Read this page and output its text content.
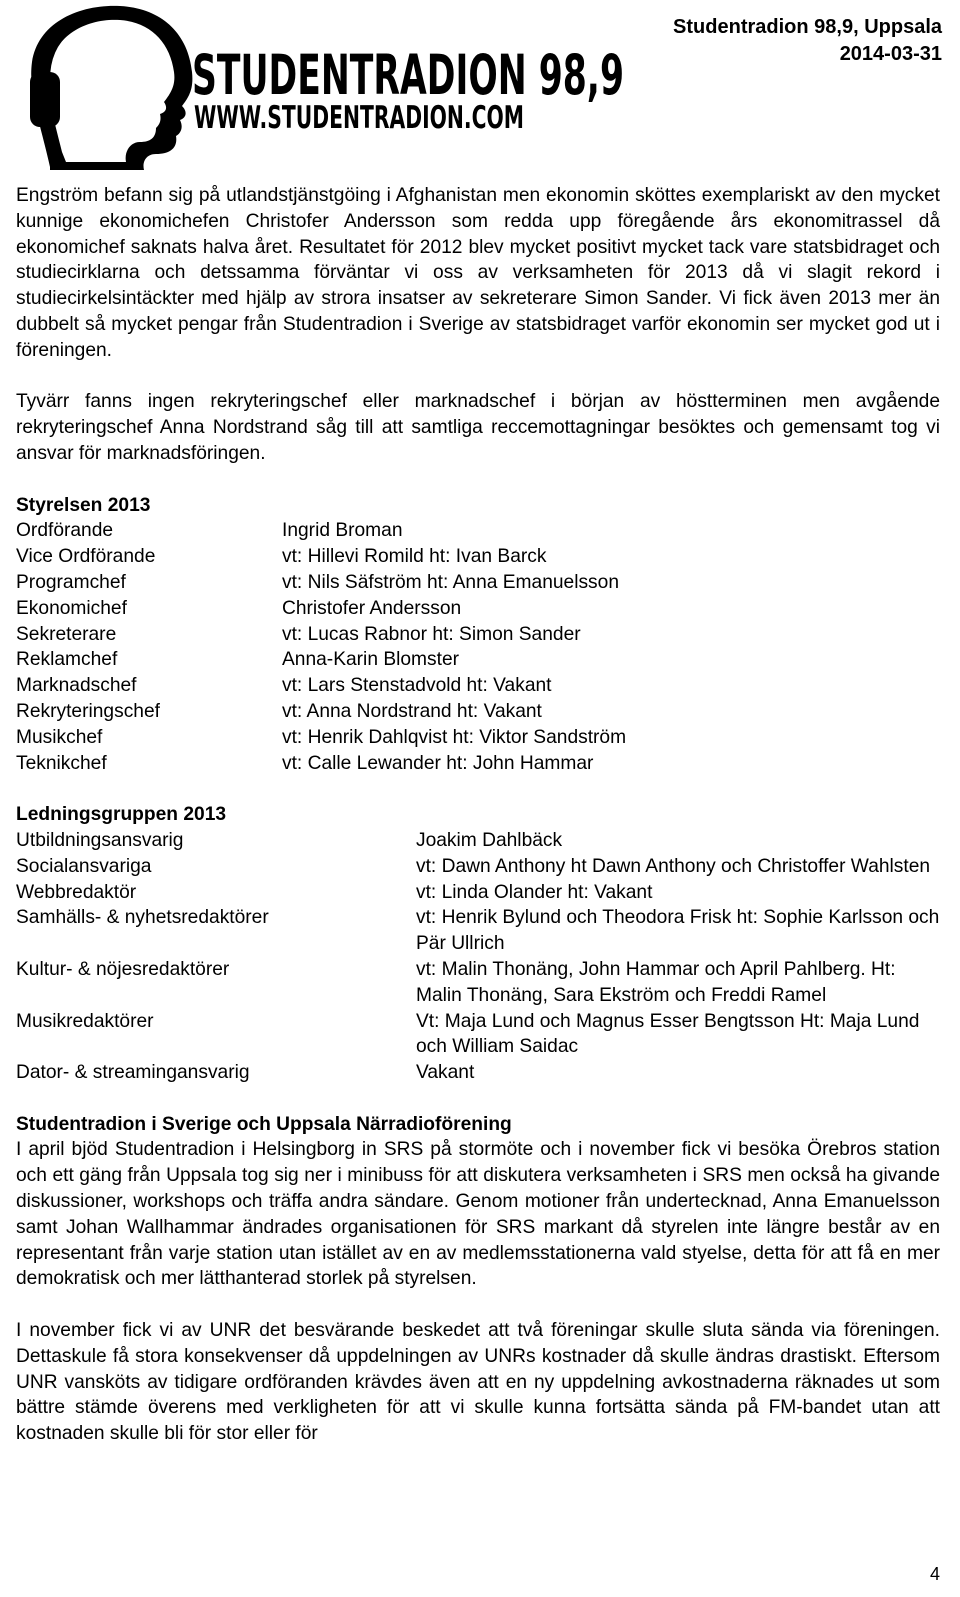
STUDENTRADION 98,9
WWW.STUDENTRADION.COM
Studentradion 98,9, Uppsala
2014-03-31

Engström befann sig på utlandstjänstgöing i Afghanistan men ekonomin sköttes exemplariskt av den mycket kunnige ekonomichefen Christofer Andersson som redda upp föregående års ekonomitrassel då ekonomichef saknats halva året. Resultatet för 2012 blev mycket positivt mycket tack vare statsbidraget och studiecirklarna och detssamma förväntar vi oss av verksamheten för 2013 då vi slagit rekord i studiecirkelsintäckter med hjälp av strora insatser av sekreterare Simon Sander. Vi fick även 2013 mer än dubbelt så mycket pengar från Studentradion i Sverige av statsbidraget varför ekonomin ser mycket god ut i föreningen.

Tyvärr fanns ingen rekryteringschef eller marknadschef i början av höstterminen men avgående rekryteringschef Anna Nordstrand såg till att samtliga reccemottagningar besöktes och gemensamt tog vi ansvar för marknadsföringen.

Styrelsen 2013

Ordförande	Ingrid Broman
Vice Ordförande	vt: Hillevi Romild ht: Ivan Barck
Programchef	vt: Nils Säfström ht: Anna Emanuelsson
Ekonomichef	Christofer Andersson
Sekreterare	vt: Lucas Rabnor ht: Simon Sander
Reklamchef	Anna-Karin Blomster
Marknadschef	vt: Lars Stenstadvold ht: Vakant
Rekryteringschef	vt: Anna Nordstrand ht: Vakant
Musikchef	vt: Henrik Dahlqvist ht: Viktor Sandström
Teknikchef	vt: Calle Lewander ht: John Hammar

Ledningsgruppen 2013

Utbildningsansvarig	Joakim Dahlbäck
Socialansvariga	vt: Dawn Anthony ht Dawn Anthony och Christoffer Wahlsten
Webbredaktör	vt: Linda Olander ht: Vakant
Samhälls- & nyhetsredaktörer	vt: Henrik Bylund och Theodora Frisk ht: Sophie Karlsson och Pär Ullrich
Kultur- & nöjesredaktörer	vt: Malin Thonäng, John Hammar och April Pahlberg. Ht: Malin Thonäng, Sara Ekström och Freddi Ramel
Musikredaktörer	Vt: Maja Lund och Magnus Esser Bengtsson Ht: Maja Lund och William Saidac
Dator- & streamingansvarig	Vakant

Studentradion i Sverige och Uppsala Närradioförening

I april bjöd Studentradion i Helsingborg in SRS på stormöte och i november fick vi besöka Örebros station och ett gäng från Uppsala tog sig ner i minibuss för att diskutera verksamheten i SRS men också ha givande diskussioner, workshops och träffa andra sändare. Genom motioner från undertecknad, Anna Emanuelsson samt Johan Wallhammar ändrades organisationen för SRS markant då styrelen inte längre består av en representant från varje station utan istället av en av medlemsstationerna vald styelse, detta för att få en mer demokratisk och mer lätthanterad storlek på styrelsen.

I november fick vi av UNR det besvärande beskedet att två föreningar skulle sluta sända via föreningen. Dettaskule få stora konsekvenser då uppdelningen av UNRs kostnader då skulle ändras drastiskt. Eftersom UNR vansköts av tidigare ordföranden krävdes även att en ny uppdelning avkostnaderna räknades ut som bättre stämde överens med verkligheten för att vi skulle kunna fortsätta sända på FM-bandet utan att kostnaden skulle bli för stor eller för

4
